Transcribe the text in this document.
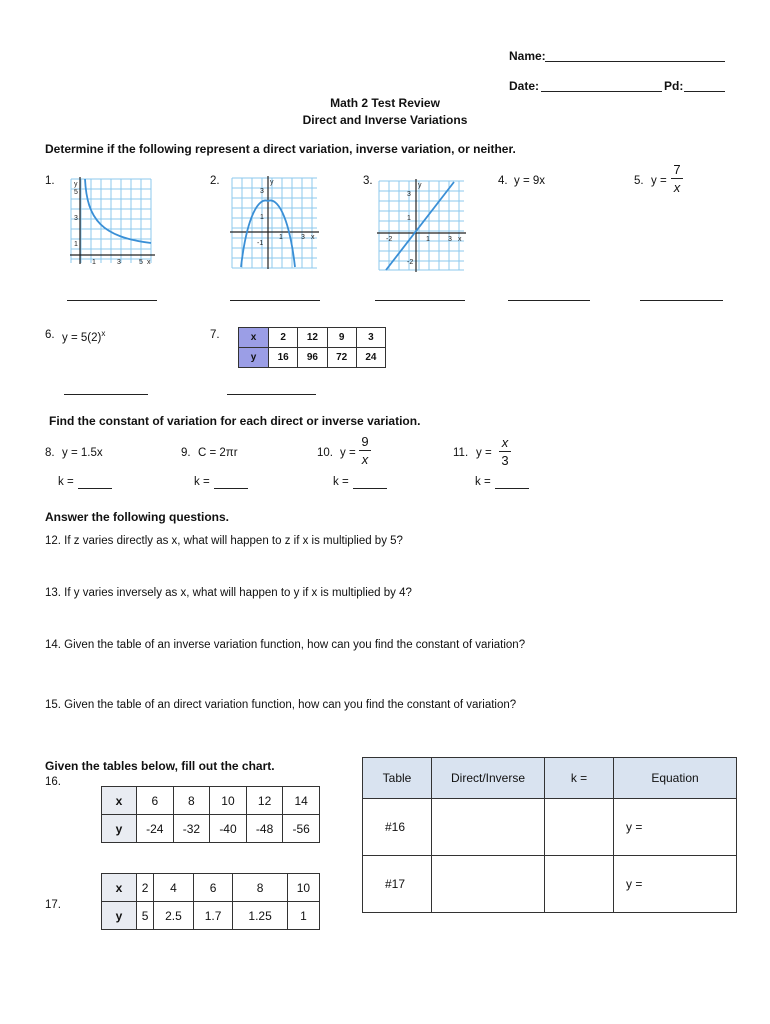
Name:
Date:	Pd:
Math 2 Test Review
Direct and Inverse Variations
Determine if the following represent a direct variation, inverse variation, or neither.
1.	2.	3.	4. y = 9x	5. y =
7
x
y
5
3
1
1	3	5 x
y
3
1
-1
1	3 x
y
3
1
-2	1	3 x
-2
6. $y = 5(2)^x$	7.	x	2	12	9	3
y	16	96	72	24
Find the constant of variation for each direct or inverse variation.
8. y = 1.5x
k =
9. C = 2πr
k =
10. y =
9
x
k =
11. y =
x
3
k =
Answer the following questions.
12. If z varies directly as x, what will happen to z if x is multiplied by 5?
13. If y varies inversely as x, what will happen to y if x is multiplied by 4?
14. Given the table of an inverse variation function, how can you find the constant of variation?
15. Given the table of an direct variation function, how can you find the constant of variation?
Given the tables below, fill out the chart.
16.
x	6	8	10	12	14
y	-24	-32	-40	-48	-56
x	2	4	6	8	10
y	5	2.5	1.7	1.25	1
17.
Table	Direct/Inverse	k =	Equation
#16			y =
#17			y =
